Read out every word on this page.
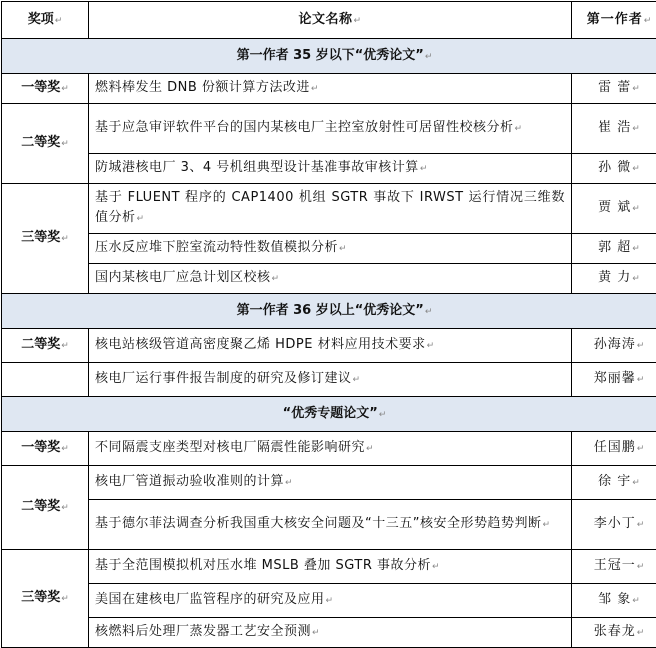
奖项↵	论文名称↵	第一作者↵
第一作者 35 岁以下“优秀论文”↵		
一等奖↵	燃料棒发生 DNB 份额计算方法改进↵	雷 蕾↵
二等奖↵	基于应急审评软件平台的国内某核电厂主控室放射性可居留性校核分析↵	崔 浩↵
	防城港核电厂 3、4 号机组典型设计基准事故审核计算↵	孙 微↵
三等奖↵	基于 FLUENT 程序的 CAP1400 机组 SGTR 事故下 IRWST 运行情况三维数值分析↵	贾 斌↵
	压水反应堆下腔室流动特性数值模拟分析↵	郭 超↵
	国内某核电厂应急计划区校核↵	黄 力↵
第一作者 36 岁以上“优秀论文”↵		
二等奖↵	核电站核级管道高密度聚乙烯 HDPE 材料应用技术要求↵	孙海涛↵
	核电厂运行事件报告制度的研究及修订建议↵	郑丽馨↵
“优秀专题论文”↵		
一等奖↵	不同隔震支座类型对核电厂隔震性能影响研究↵	任国鹏↵
二等奖↵	核电厂管道振动验收准则的计算↵	徐 宇↵
	基于德尔菲法调查分析我国重大核安全问题及“十三五”核安全形势趋势判断↵	李小丁↵
三等奖↵	基于全范围模拟机对压水堆 MSLB 叠加 SGTR 事故分析↵	王冠一↵
	美国在建核电厂监管程序的研究及应用↵	邹 象↵
	核燃料后处理厂蒸发器工艺安全预测↵	张春龙↵
